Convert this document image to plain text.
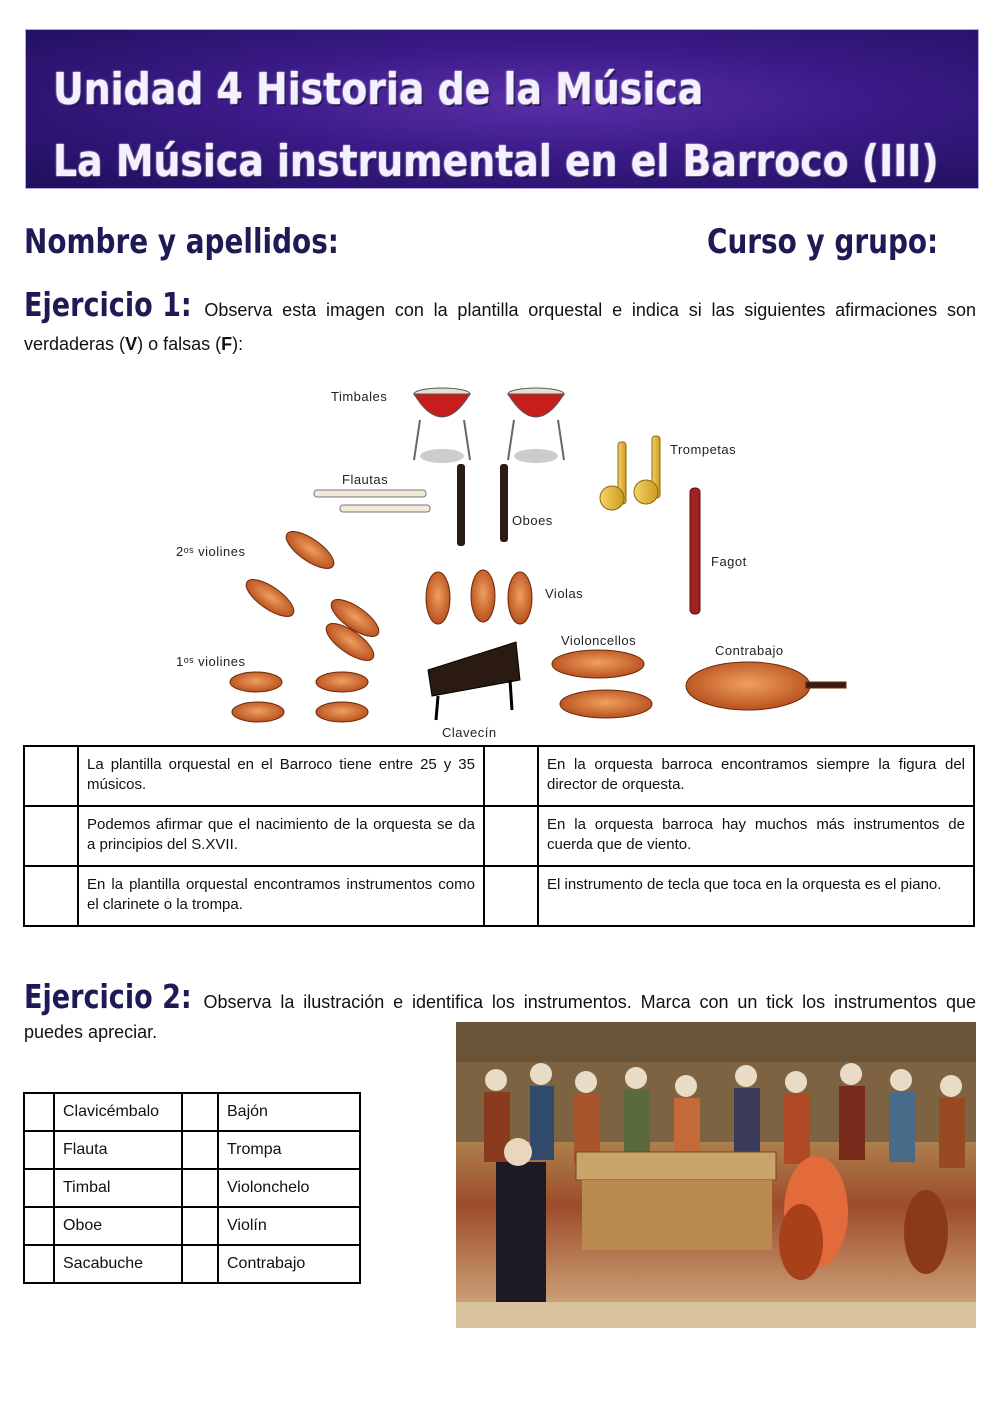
Unidad 4 Historia de la Música
La Música instrumental en el Barroco (III)
Nombre y apellidos:	Curso y grupo:
Ejercicio 1: Observa esta imagen con la plantilla orquestal e indica si las siguientes afirmaciones son verdaderas (V) o falsas (F):
Timbales
Trompetas
Flautas
Oboes
2ᵒˢ violines
Fagot
Violas
Violoncellos
Contrabajo
1ᵒˢ violines
Clavecín
	La plantilla orquestal en el Barroco tiene entre 25 y 35 músicos.		En la orquesta barroca encontramos siempre la figura del director de orquesta.
	Podemos afirmar que el nacimiento de la orquesta se da a principios del S.XVII.		En la orquesta barroca hay muchos más instrumentos de cuerda que de viento.
	En la plantilla orquestal encontramos instrumentos como el clarinete o la trompa.		El instrumento de tecla que toca en la orquesta es el piano.
Ejercicio 2: Observa la ilustración e identifica los instrumentos. Marca con un tick los instrumentos que puedes apreciar.
	Clavicémbalo		Bajón
	Flauta		Trompa
	Timbal		Violonchelo
	Oboe		Violín
	Sacabuche		Contrabajo
